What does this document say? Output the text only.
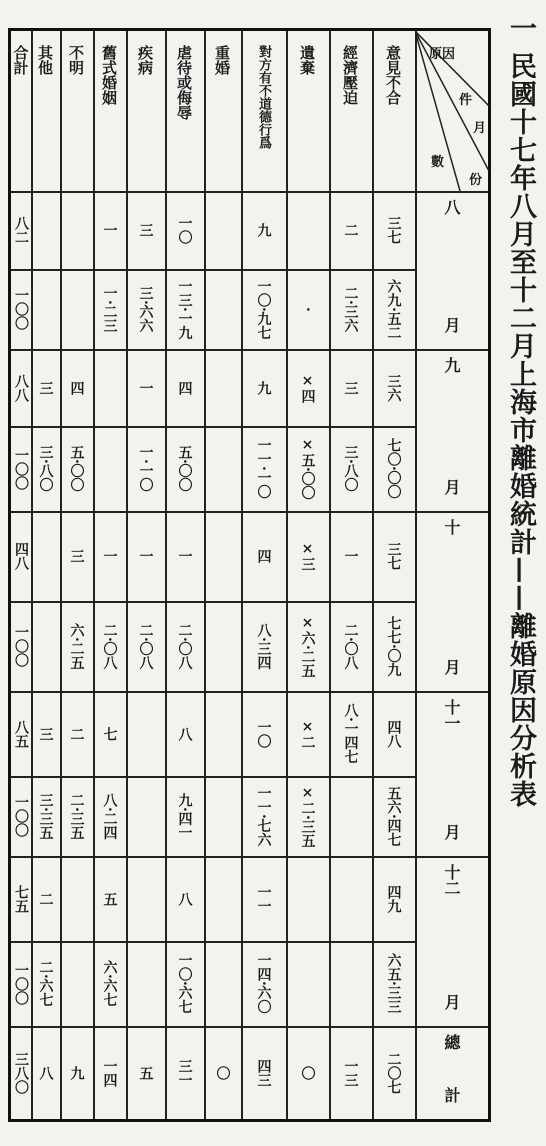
一 民國十七年八月至十二月上海市離婚統計——離婚原因分析表
意見不合
經濟壓迫
遺棄
對方有不道德行爲
重婚
虐待或侮辱
疾病
舊式婚姻
不明
其他
合計
三七
二
九
一〇
三
一
八二
八
月
六九·五二
二·三六
·
一〇·九七
一三·一九
三·六六
一·二三
一〇〇
三六
三
×四
九
四
一
四
三
八八
九
月
七〇·〇〇
三·八〇
×五·〇〇
一一·一〇
五·〇〇
一·一〇
五·〇〇
三·八〇
一〇〇
三七
一
×三
四
一
一
一
三
四八
十
月
七七·〇九
二·〇八
×六·二五
八·三四
二·〇八
二·〇八
二·〇八
六·二五
一〇〇
四八
八·一四七
×二
一〇
八
七
二
三
八五
十一
月
五六·四七
×二·三五
一一·七六
九·四一
八·二四
二·三五
三·三五
一〇〇
四九
一一
八
五
二
七五
十二
月
六五·三三
一四·六〇
一〇·六七
六·六七
二·六七
一〇〇
二〇七
一三
〇
四三
〇
三一
五
一四
九
八
三八〇
總
計
原因
件
月
數
份
